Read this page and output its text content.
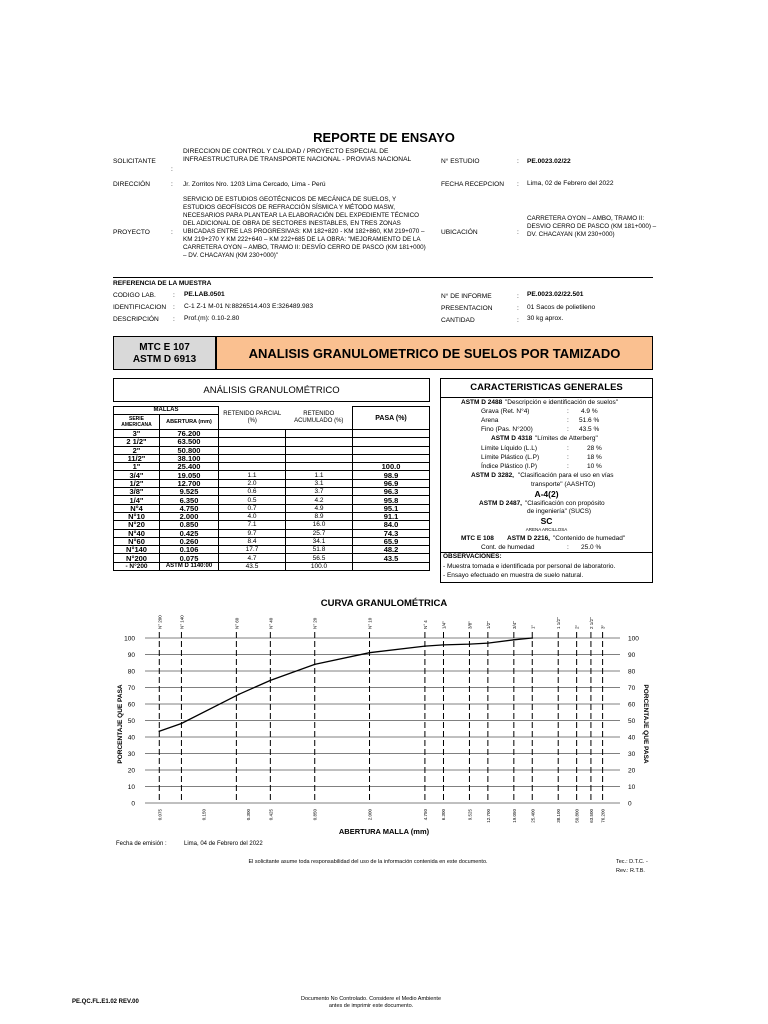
REPORTE DE ENSAYO
SOLICITANTE
:
DIRECCION DE CONTROL Y CALIDAD / PROYECTO ESPECIAL DE INFRAESTRUCTURA DE TRANSPORTE NACIONAL - PROVIAS NACIONAL
DIRECCIÓN	: Jr. Zorritos Nro. 1203 Lima Cercado, Lima - Perú
PROYECTO	:
SERVICIO DE ESTUDIOS GEOTÉCNICOS DE MECÁNICA DE SUELOS, Y ESTUDIOS GEOFÍSICOS DE REFRACCIÓN SÍSMICA Y MÉTODO MASW, NECESARIOS PARA PLANTEAR LA ELABORACIÓN DEL EXPEDIENTE TÉCNICO DEL ADICIONAL DE OBRA DE SECTORES INESTABLES, EN TRES ZONAS UBICADAS ENTRE LAS PROGRESIVAS: KM 182+820 - KM 182+860, KM 219+070 – KM 219+270 Y KM 222+640 – KM 222+685 DE LA OBRA: "MEJORAMIENTO DE LA CARRETERA OYON – AMBO, TRAMO II: DESVÍO CERRO DE PASCO (KM 181+000) – DV. CHACAYAN (KM 230+000)"
N° ESTUDIO	: PE.0023.02/22
FECHA RECEPCION : Lima, 02 de Febrero del 2022
UBICACIÓN	:
CARRETERA OYON – AMBO, TRAMO II: DESVIO CERRO DE PASCO (KM 181+000) – DV. CHACAYAN (KM 230+000)
REFERENCIA DE LA MUESTRA
CODIGO LAB.	: PE.LAB.0501
IDENTIFICACION : C-1 Z-1 M-01 N:8826514.403 E:326489.983
DESCRIPCIÓN : Prof.(m): 0.10-2.80
N° DE INFORME	: PE.0023.02/22.501
PRESENTACION	: 01 Sacos de polietileno
CANTIDAD	: 30 kg aprox.
MTC E 107
ASTM D 6913	ANALISIS GRANULOMETRICO DE SUELOS POR TAMIZADO
ANÁLISIS GRANULOMÉTRICO
MALLAS		RETENIDO PARCIAL (%)	RETENIDO ACUMULADO (%)	PASA (%)
SERIE AMERICANA	ABERTURA (mm)			
3"	76.200			
2 1/2"	63.500			
2"	50.800			
11/2"	38.100			
1"	25.400			100.0
3/4"	19.050	1.1	1.1	98.9
1/2"	12.700	2.0	3.1	96.9
3/8"	9.525	0.6	3.7	96.3
1/4"	6.350	0.5	4.2	95.8
N°4	4.750	0.7	4.9	95.1
N°10	2.000	4.0	8.9	91.1
N°20	0.850	7.1	16.0	84.0
N°40	0.425	9.7	25.7	74.3
N°60	0.260	8.4	34.1	65.9
N°140	0.106	17.7	51.8	48.2
N°200	0.075	4.7	56.5	43.5
- N°200	ASTM D 1140:00	43.5	100.0	
CARACTERISTICAS GENERALES
ASTM D 2488 "Descripción e identificación de suelos"
Grava (Ret. N°4)	: 4.9 %
Arena	: 51.6 %
Fino (Pas. N°200)	: 43.5 %
ASTM D 4318 "Límites de Atterberg"
Límite Líquido (L.L)	:	28 %
Límite Plástico (L.P)	:	18 %
Índice Plástico (I.P)	:	10 %
ASTM D 3282, "Clasificación para el uso en vías
transporte" (AASHTO)
A-4(2)
ASTM D 2487, "Clasificación con propósito
de ingeniería" (SUCS)
SC
ARENA ARCILLOSA
MTC E 108 ASTM D 2216, "Contenido de humedad"
Cont. de humedad	: 25.0 %
OBSERVACIONES:
- Muestra tomada e identificada por personal de laboratorio.
- Ensayo efectuado en muestra de suelo natural.
CURVA GRANULOMÉTRICA
0	0
10	10
20	20
30	30
40	40
50	50
60	60
70	70
80	80
90	90
100	100
N° 200	N° 140	N° 60	N° 40	N° 20	N° 10	N° 4	1/4"	3/8"	1/2"	3/4"	1"	1 1/2"	2" 2 1/2" 3"
0.075	0.150	0.300	0.425	0.850	2.000	4.750	6.300	9.525	12.700	19.050	25.400	38.100	50.800 63.500 76.200
ABERTURA MALLA (mm)
PORCENTAJE QUE PASA	PORCENTAJE QUE PASA
Fecha de emisión :	Lima, 04 de Febrero del 2022
El solicitante asume toda responsabilidad del uso de la información contenida en este documento.	Tec.: D.T.C. -
Rev.: R.T.B.
PE.QC.FL.E1.02 REV.00	Documento No Controlado. Considere el Medio Ambiente
antes de imprimir este documento.
